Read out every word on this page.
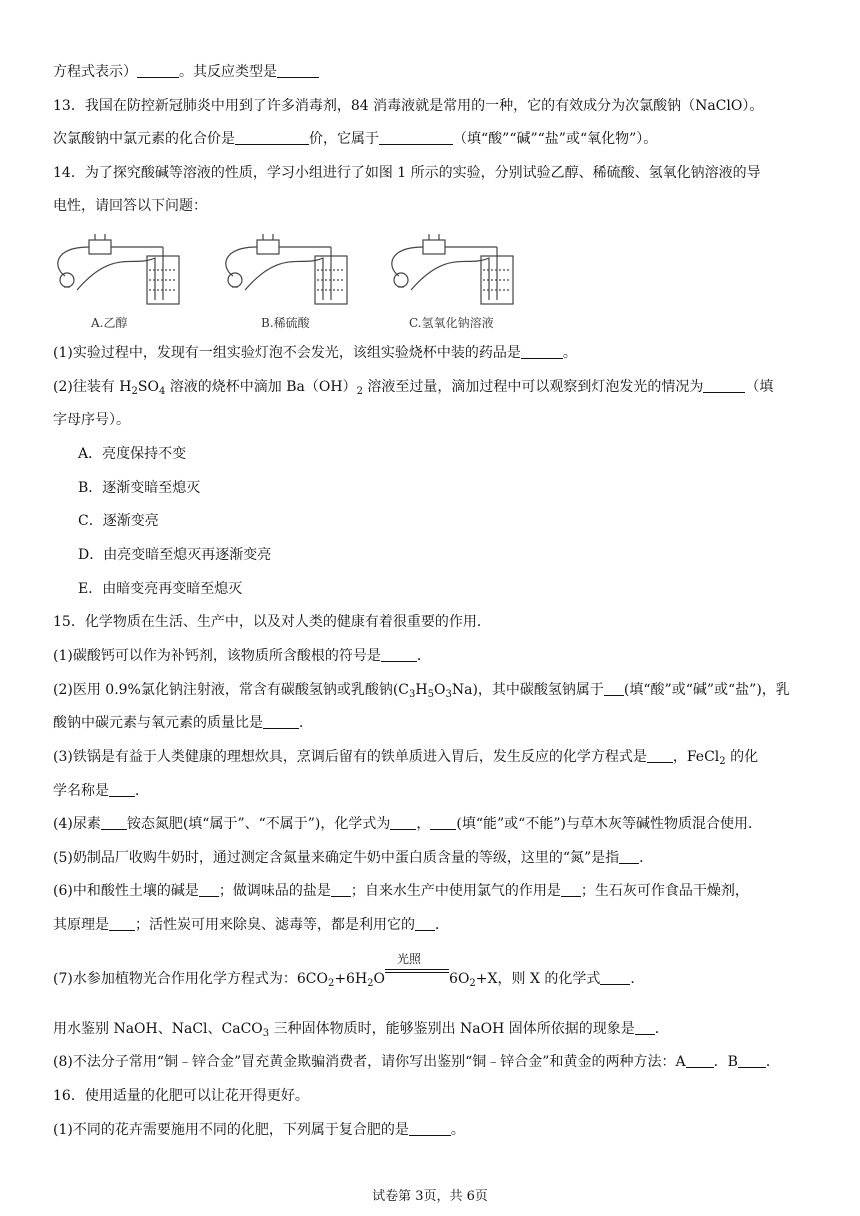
方程式表示）	。其反应类型是
13．我国在防控新冠肺炎中用到了许多消毒剂，84 消毒液就是常用的一种，它的有效成分为次氯酸钠（NaClO）。
次氯酸钠中氯元素的化合价是	价，它属于	（填“酸”“碱”“盐”或“氧化物”）。
14．为了探究酸碱等溶液的性质，学习小组进行了如图 1 所示的实验，分别试验乙醇、稀硫酸、氢氧化钠溶液的导
电性，请回答以下问题：
A.乙醇	B.稀硫酸	C.氢氧化钠溶液
(1)实验过程中，发现有一组实验灯泡不会发光，该组实验烧杯中装的药品是	。
(2)往装有 $H_2SO_4$ 溶液的烧杯中滴加 $Ba(OH)_2$ 溶液至过量，滴加过程中可以观察到灯泡发光的情况为	（填
字母序号）。
A．亮度保持不变
B．逐渐变暗至熄灭
C．逐渐变亮
D．由亮变暗至熄灭再逐渐变亮
E．由暗变亮再变暗至熄灭
15．化学物质在生活、生产中，以及对人类的健康有着很重要的作用．
(1)碳酸钙可以作为补钙剂，该物质所含酸根的符号是	．
(2)医用 0.9%氯化钠注射液，常含有碳酸氢钠或乳酸钠$(C_3H_5O_3Na)$，其中碳酸氢钠属于 (填“酸”或“碱”或“盐”)，乳
酸钠中碳元素与氧元素的质量比是	．
(3)铁锅是有益于人类健康的理想炊具，烹调后留有的铁单质进入胃后，发生反应的化学方程式是 ，FeCl$_2$ 的化
学名称是 ．
(4)尿素 铵态氮肥(填“属于”、“不属于”)，化学式为 ， (填“能”或“不能”)与草木灰等碱性物质混合使用．
(5)奶制品厂收购牛奶时，通过测定含氮量来确定牛奶中蛋白质含量的等级，这里的“氮”是指 ．
(6)中和酸性土壤的碱是 ；做调味品的盐是 ；自来水生产中使用氯气的作用是 ；生石灰可作食品干燥剂，
其原理是 ；活性炭可用来除臭、滤毒等，都是利用它的 ．
(7)水参加植物光合作用化学方程式为：$6CO_2+6H_2O$
光照
$6O_2+X$，则 X 的化学式 ．
用水鉴别 NaOH、NaCl、CaCO$_3$ 三种固体物质时，能够鉴别出 NaOH 固体所依据的现象是 ．
(8)不法分子常用“铜﹣锌合金”冒充黄金欺骗消费者，请你写出鉴别“铜﹣锌合金”和黄金的两种方法：A ．B ．
16．使用适量的化肥可以让花开得更好。
(1)不同的花卉需要施用不同的化肥，下列属于复合肥的是	。
试卷第 3页，共 6页
